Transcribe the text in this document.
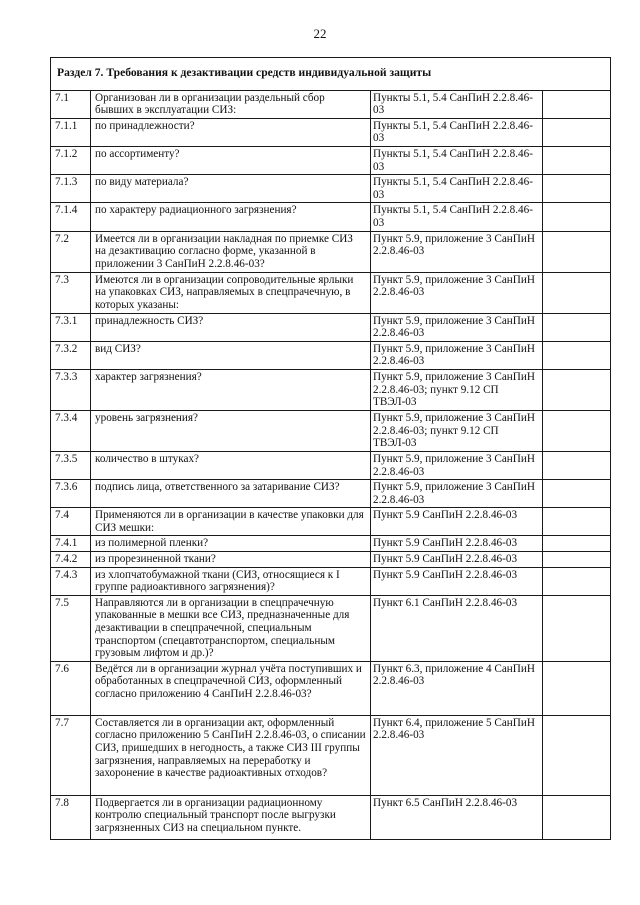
22
Раздел 7. Требования к дезактивации средств индивидуальной защиты			
7.1	Организован ли в организации раздельный сбор бывших в эксплуатации СИЗ:	Пункты 5.1, 5.4 СанПиН 2.2.8.46-03	
7.1.1	по принадлежности?	Пункты 5.1, 5.4 СанПиН 2.2.8.46-03	
7.1.2	по ассортименту?	Пункты 5.1, 5.4 СанПиН 2.2.8.46-03	
7.1.3	по виду материала?	Пункты 5.1, 5.4 СанПиН 2.2.8.46-03	
7.1.4	по характеру радиационного загрязнения?	Пункты 5.1, 5.4 СанПиН 2.2.8.46-03	
7.2	Имеется ли в организации накладная по приемке СИЗ на дезактивацию согласно форме, указанной в приложении 3 СанПиН 2.2.8.46-03?	Пункт 5.9, приложение 3 СанПиН 2.2.8.46-03	
7.3	Имеются ли в организации сопроводительные ярлыки на упаковках СИЗ, направляемых в спецпрачечную, в которых указаны:	Пункт 5.9, приложение 3 СанПиН 2.2.8.46-03	
7.3.1	принадлежность СИЗ?	Пункт 5.9, приложение 3 СанПиН 2.2.8.46-03	
7.3.2	вид СИЗ?	Пункт 5.9, приложение 3 СанПиН 2.2.8.46-03	
7.3.3	характер загрязнения?	Пункт 5.9, приложение 3 СанПиН 2.2.8.46-03; пункт 9.12 СП ТВЭЛ-03	
7.3.4	уровень загрязнения?	Пункт 5.9, приложение 3 СанПиН 2.2.8.46-03; пункт 9.12 СП ТВЭЛ-03	
7.3.5	количество в штуках?	Пункт 5.9, приложение 3 СанПиН 2.2.8.46-03	
7.3.6	подпись лица, ответственного за затаривание СИЗ?	Пункт 5.9, приложение 3 СанПиН 2.2.8.46-03	
7.4	Применяются ли в организации в качестве упаковки для СИЗ мешки:	Пункт 5.9 СанПиН 2.2.8.46-03	
7.4.1	из полимерной пленки?	Пункт 5.9 СанПиН 2.2.8.46-03	
7.4.2	из прорезиненной ткани?	Пункт 5.9 СанПиН 2.2.8.46-03	
7.4.3	из хлопчатобумажной ткани (СИЗ, относящиеся к I группе радиоактивного загрязнения)?	Пункт 5.9 СанПиН 2.2.8.46-03	
7.5	Направляются ли в организации в спецпрачечную упакованные в мешки все СИЗ, предназначенные для дезактивации в спецпрачечной, специальным транспортом (спецавтотранспортом, специальным грузовым лифтом и др.)?	Пункт 6.1 СанПиН 2.2.8.46-03	
7.6	Ведётся ли в организации журнал учёта поступивших и обработанных в спецпрачечной СИЗ, оформленный согласно приложению 4 СанПиН 2.2.8.46-03?	Пункт 6.3, приложение 4 СанПиН 2.2.8.46-03	
7.7	Составляется ли в организации акт, оформленный согласно приложению 5 СанПиН 2.2.8.46-03, о списании СИЗ, пришедших в негодность, а также СИЗ III группы загрязнения, направляемых на переработку и захоронение в качестве радиоактивных отходов?	Пункт 6.4, приложение 5 СанПиН 2.2.8.46-03	
7.8	Подвергается ли в организации радиационному контролю специальный транспорт после выгрузки загрязненных СИЗ на специальном пункте.	Пункт 6.5 СанПиН 2.2.8.46-03	
